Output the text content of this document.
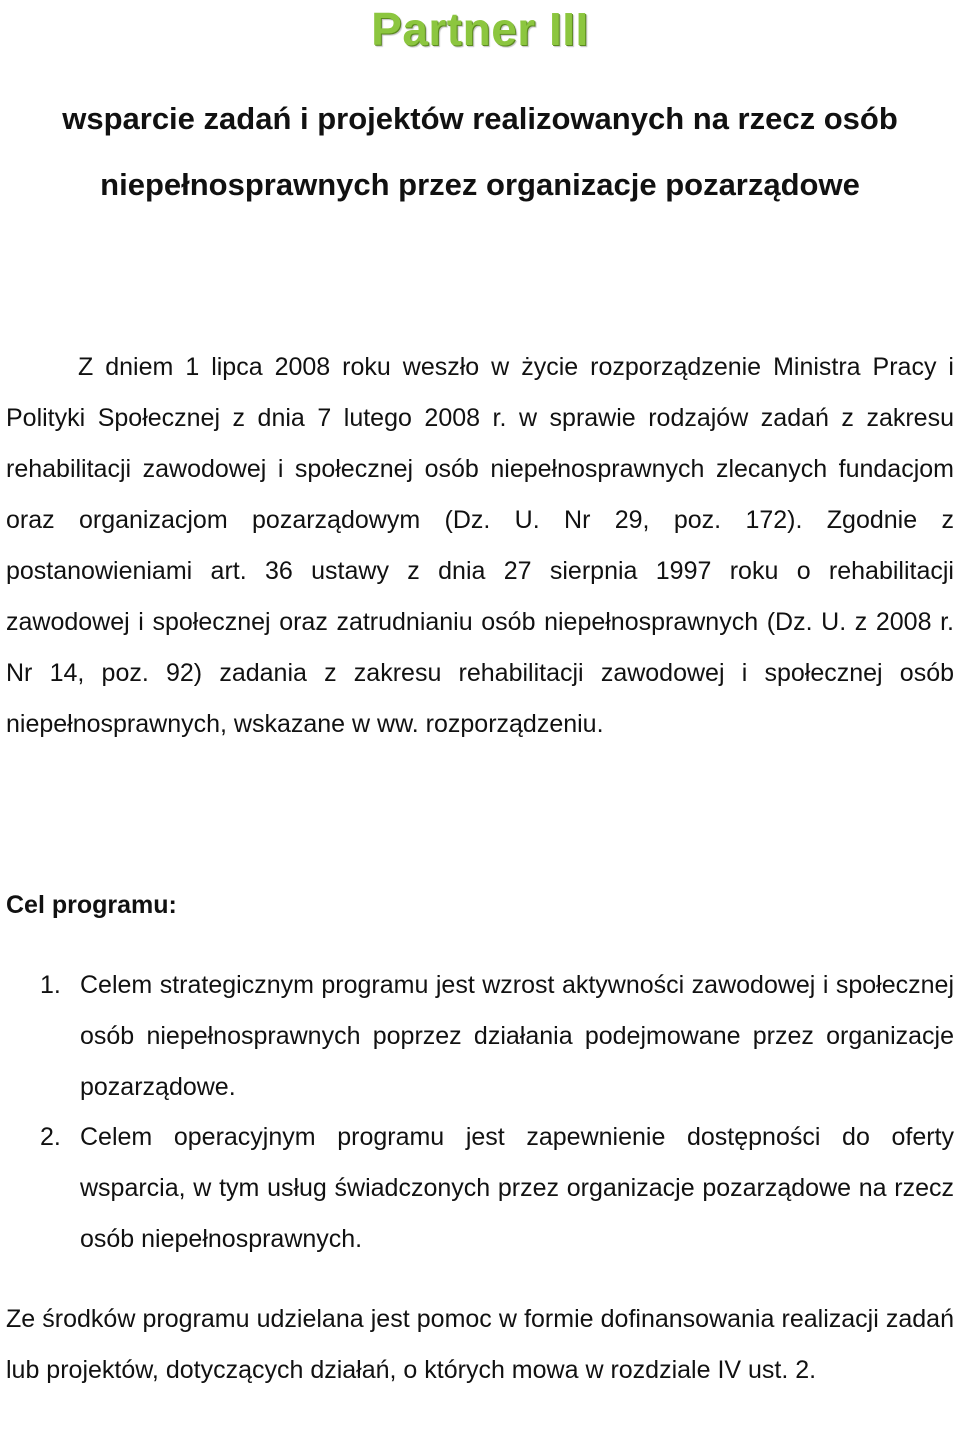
Partner III
wsparcie zadań i projektów realizowanych na rzecz osób niepełnosprawnych przez organizacje pozarządowe
Z dniem 1 lipca 2008 roku weszło w życie rozporządzenie Ministra Pracy i Polityki Społecznej z dnia 7 lutego 2008 r. w sprawie rodzajów zadań z zakresu rehabilitacji zawodowej i społecznej osób niepełnosprawnych zlecanych fundacjom oraz organizacjom pozarządowym (Dz. U. Nr 29, poz. 172). Zgodnie z postanowieniami art. 36 ustawy z dnia 27 sierpnia 1997 roku o rehabilitacji zawodowej i społecznej oraz zatrudnianiu osób niepełnosprawnych (Dz. U. z 2008 r. Nr 14, poz. 92) zadania z zakresu rehabilitacji zawodowej i społecznej osób niepełnosprawnych, wskazane w ww. rozporządzeniu.
Cel programu:
1. Celem strategicznym programu jest wzrost aktywności zawodowej i społecznej osób niepełnosprawnych poprzez działania podejmowane przez organizacje pozarządowe.
2. Celem operacyjnym programu jest zapewnienie dostępności do oferty wsparcia, w tym usług świadczonych przez organizacje pozarządowe na rzecz osób niepełnosprawnych.
Ze środków programu udzielana jest pomoc w formie dofinansowania realizacji zadań lub projektów, dotyczących działań, o których mowa w rozdziale IV ust. 2.
